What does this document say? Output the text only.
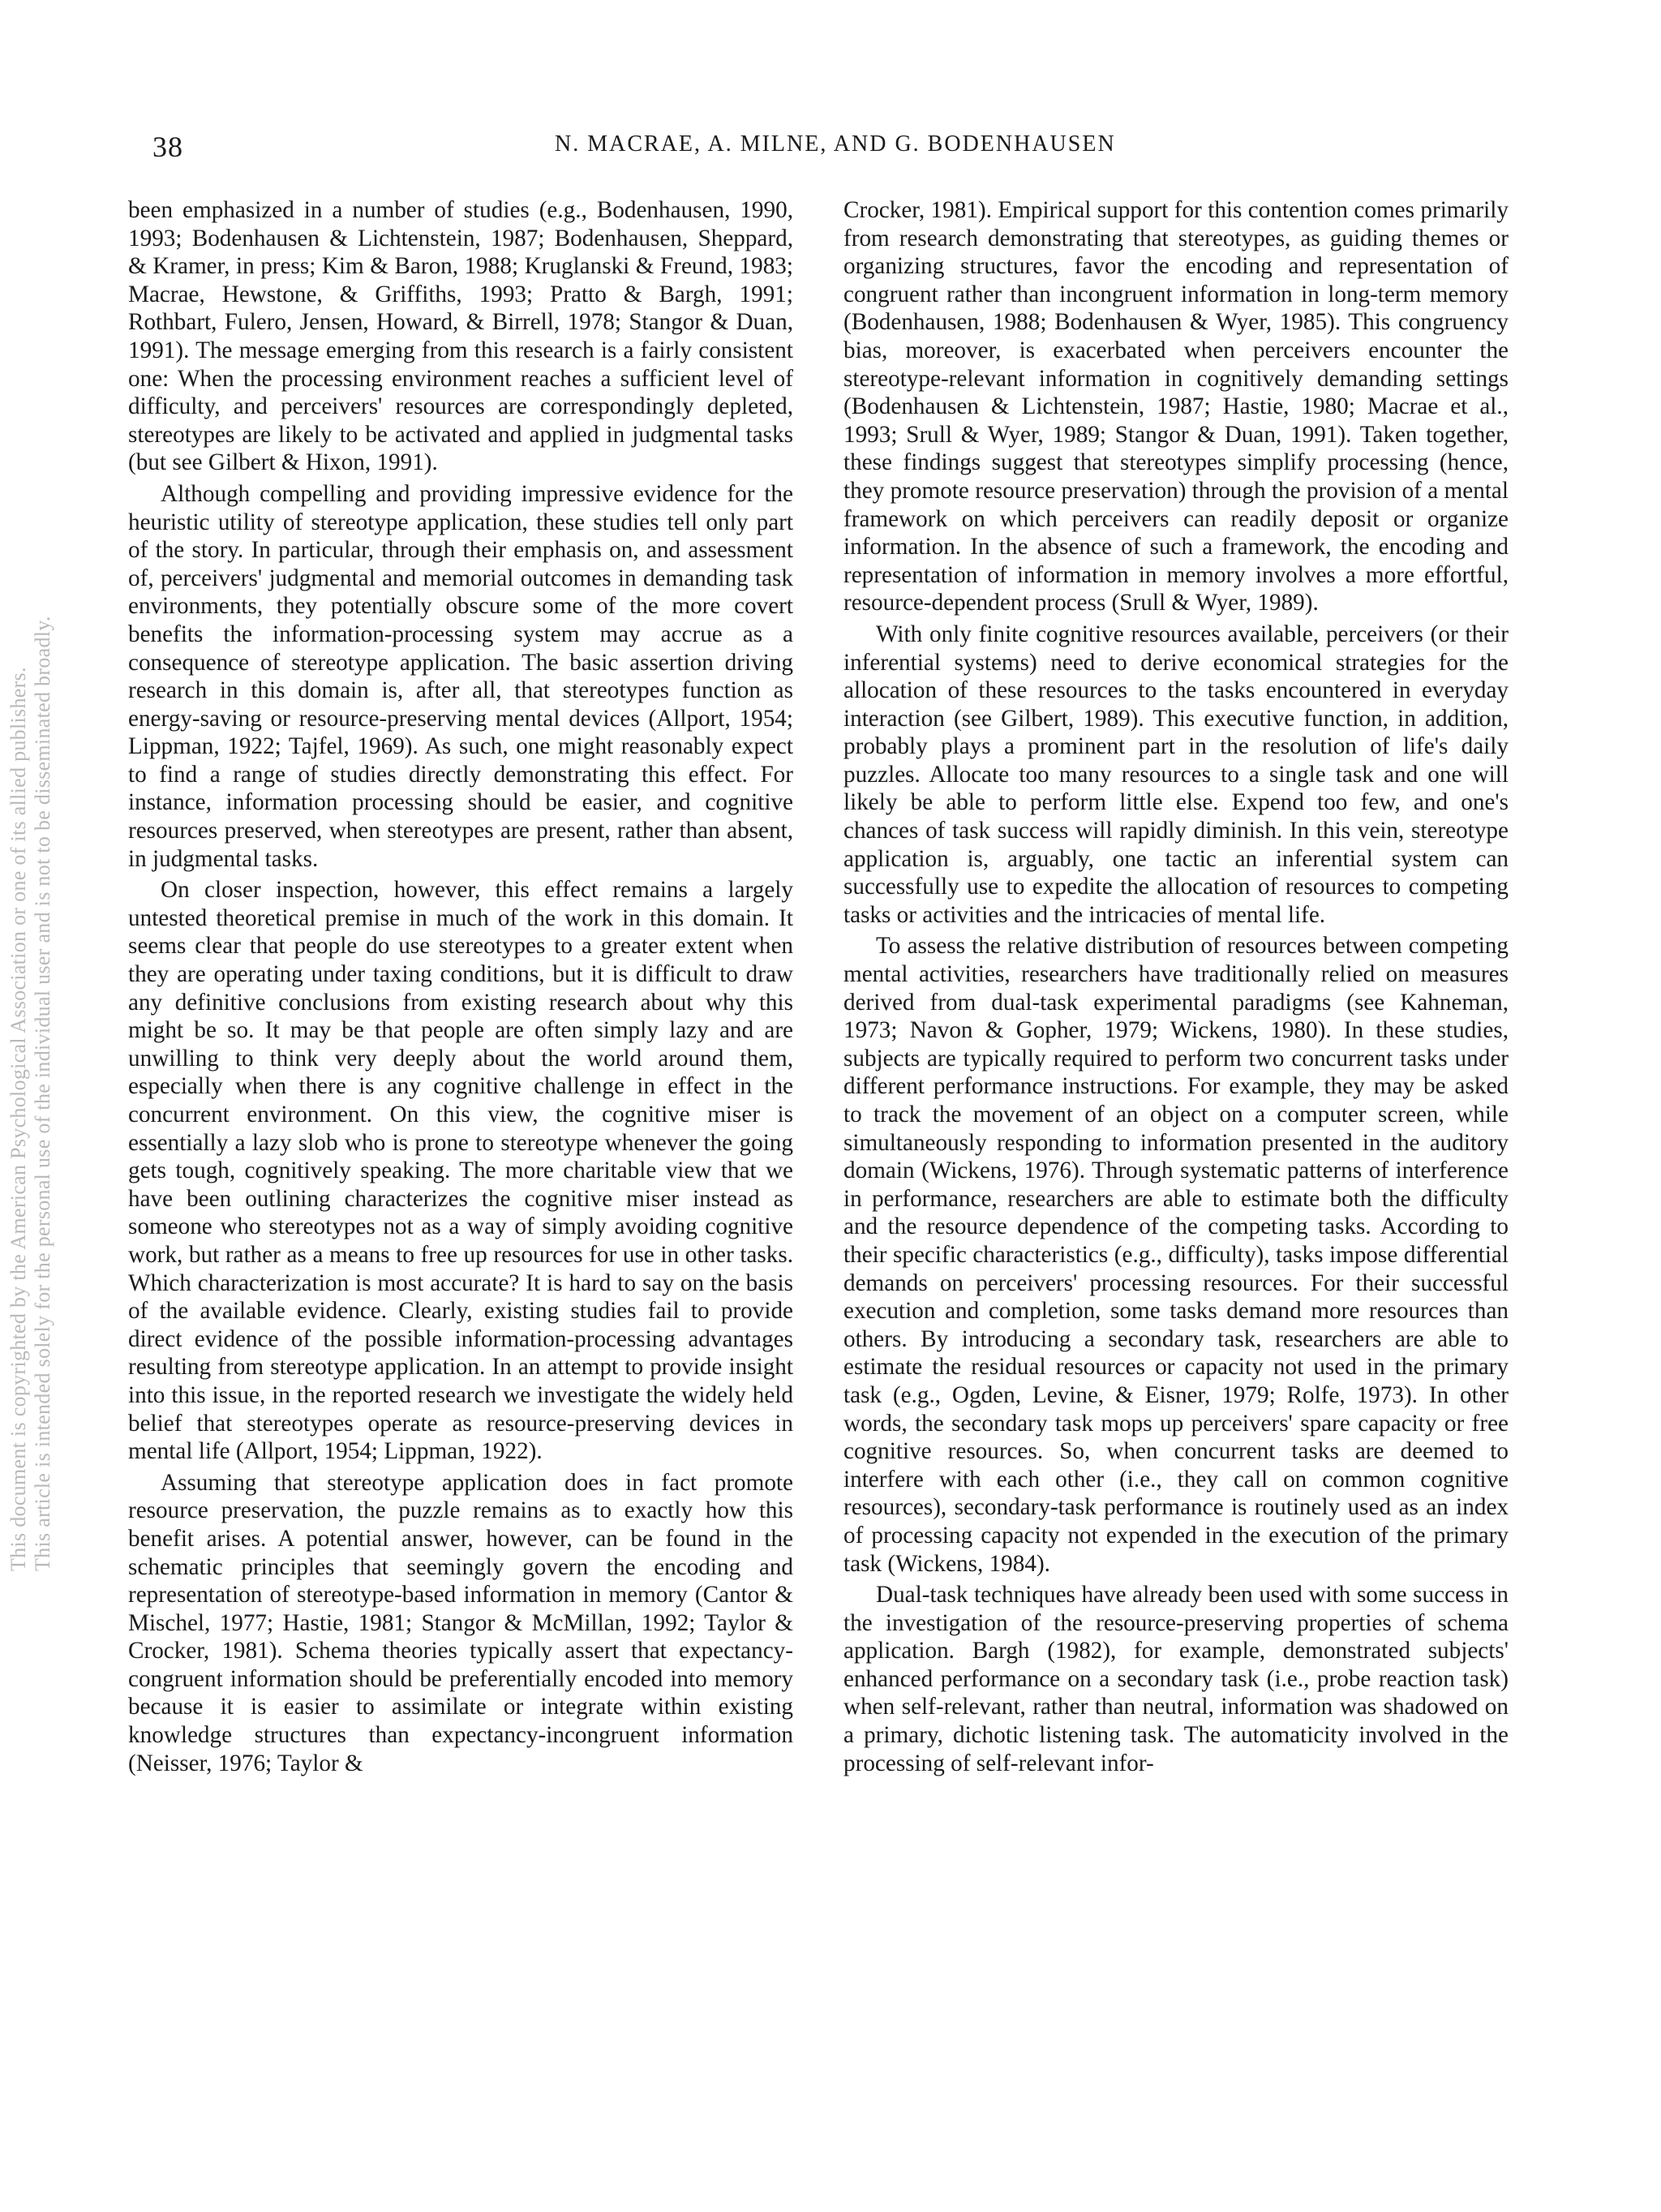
38	N. MACRAE, A. MILNE, AND G. BODENHAUSEN
This document is copyrighted by the American Psychological Association or one of its allied publishers. This article is intended solely for the personal use of the individual user and is not to be disseminated broadly.

been emphasized in a number of studies (e.g., Bodenhausen, 1990, 1993; Bodenhausen & Lichtenstein, 1987; Bodenhausen, Sheppard, & Kramer, in press; Kim & Baron, 1988; Kruglanski & Freund, 1983; Macrae, Hewstone, & Griffiths, 1993; Pratto & Bargh, 1991; Rothbart, Fulero, Jensen, Howard, & Birrell, 1978; Stangor & Duan, 1991). The message emerging from this research is a fairly consistent one: When the processing environment reaches a sufficient level of difficulty, and perceivers' resources are correspondingly depleted, stereotypes are likely to be activated and applied in judgmental tasks (but see Gilbert & Hixon, 1991).

Although compelling and providing impressive evidence for the heuristic utility of stereotype application, these studies tell only part of the story. In particular, through their emphasis on, and assessment of, perceivers' judgmental and memorial outcomes in demanding task environments, they potentially obscure some of the more covert benefits the information-processing system may accrue as a consequence of stereotype application. The basic assertion driving research in this domain is, after all, that stereotypes function as energy-saving or resource-preserving mental devices (Allport, 1954; Lippman, 1922; Tajfel, 1969). As such, one might reasonably expect to find a range of studies directly demonstrating this effect. For instance, information processing should be easier, and cognitive resources preserved, when stereotypes are present, rather than absent, in judgmental tasks.

On closer inspection, however, this effect remains a largely untested theoretical premise in much of the work in this domain. It seems clear that people do use stereotypes to a greater extent when they are operating under taxing conditions, but it is difficult to draw any definitive conclusions from existing research about why this might be so. It may be that people are often simply lazy and are unwilling to think very deeply about the world around them, especially when there is any cognitive challenge in effect in the concurrent environment. On this view, the cognitive miser is essentially a lazy slob who is prone to stereotype whenever the going gets tough, cognitively speaking. The more charitable view that we have been outlining characterizes the cognitive miser instead as someone who stereotypes not as a way of simply avoiding cognitive work, but rather as a means to free up resources for use in other tasks. Which characterization is most accurate? It is hard to say on the basis of the available evidence. Clearly, existing studies fail to provide direct evidence of the possible information-processing advantages resulting from stereotype application. In an attempt to provide insight into this issue, in the reported research we investigate the widely held belief that stereotypes operate as resource-preserving devices in mental life (Allport, 1954; Lippman, 1922).

Assuming that stereotype application does in fact promote resource preservation, the puzzle remains as to exactly how this benefit arises. A potential answer, however, can be found in the schematic principles that seemingly govern the encoding and representation of stereotype-based information in memory (Cantor & Mischel, 1977; Hastie, 1981; Stangor & McMillan, 1992; Taylor & Crocker, 1981). Schema theories typically assert that expectancy-congruent information should be preferentially encoded into memory because it is easier to assimilate or integrate within existing knowledge structures than expectancy-incongruent information (Neisser, 1976; Taylor &

Crocker, 1981). Empirical support for this contention comes primarily from research demonstrating that stereotypes, as guiding themes or organizing structures, favor the encoding and representation of congruent rather than incongruent information in long-term memory (Bodenhausen, 1988; Bodenhausen & Wyer, 1985). This congruency bias, moreover, is exacerbated when perceivers encounter the stereotype-relevant information in cognitively demanding settings (Bodenhausen & Lichtenstein, 1987; Hastie, 1980; Macrae et al., 1993; Srull & Wyer, 1989; Stangor & Duan, 1991). Taken together, these findings suggest that stereotypes simplify processing (hence, they promote resource preservation) through the provision of a mental framework on which perceivers can readily deposit or organize information. In the absence of such a framework, the encoding and representation of information in memory involves a more effortful, resource-dependent process (Srull & Wyer, 1989).

With only finite cognitive resources available, perceivers (or their inferential systems) need to derive economical strategies for the allocation of these resources to the tasks encountered in everyday interaction (see Gilbert, 1989). This executive function, in addition, probably plays a prominent part in the resolution of life's daily puzzles. Allocate too many resources to a single task and one will likely be able to perform little else. Expend too few, and one's chances of task success will rapidly diminish. In this vein, stereotype application is, arguably, one tactic an inferential system can successfully use to expedite the allocation of resources to competing tasks or activities and the intricacies of mental life.

To assess the relative distribution of resources between competing mental activities, researchers have traditionally relied on measures derived from dual-task experimental paradigms (see Kahneman, 1973; Navon & Gopher, 1979; Wickens, 1980). In these studies, subjects are typically required to perform two concurrent tasks under different performance instructions. For example, they may be asked to track the movement of an object on a computer screen, while simultaneously responding to information presented in the auditory domain (Wickens, 1976). Through systematic patterns of interference in performance, researchers are able to estimate both the difficulty and the resource dependence of the competing tasks. According to their specific characteristics (e.g., difficulty), tasks impose differential demands on perceivers' processing resources. For their successful execution and completion, some tasks demand more resources than others. By introducing a secondary task, researchers are able to estimate the residual resources or capacity not used in the primary task (e.g., Ogden, Levine, & Eisner, 1979; Rolfe, 1973). In other words, the secondary task mops up perceivers' spare capacity or free cognitive resources. So, when concurrent tasks are deemed to interfere with each other (i.e., they call on common cognitive resources), secondary-task performance is routinely used as an index of processing capacity not expended in the execution of the primary task (Wickens, 1984).

Dual-task techniques have already been used with some success in the investigation of the resource-preserving properties of schema application. Bargh (1982), for example, demonstrated subjects' enhanced performance on a secondary task (i.e., probe reaction task) when self-relevant, rather than neutral, information was shadowed on a primary, dichotic listening task. The automaticity involved in the processing of self-relevant infor-
